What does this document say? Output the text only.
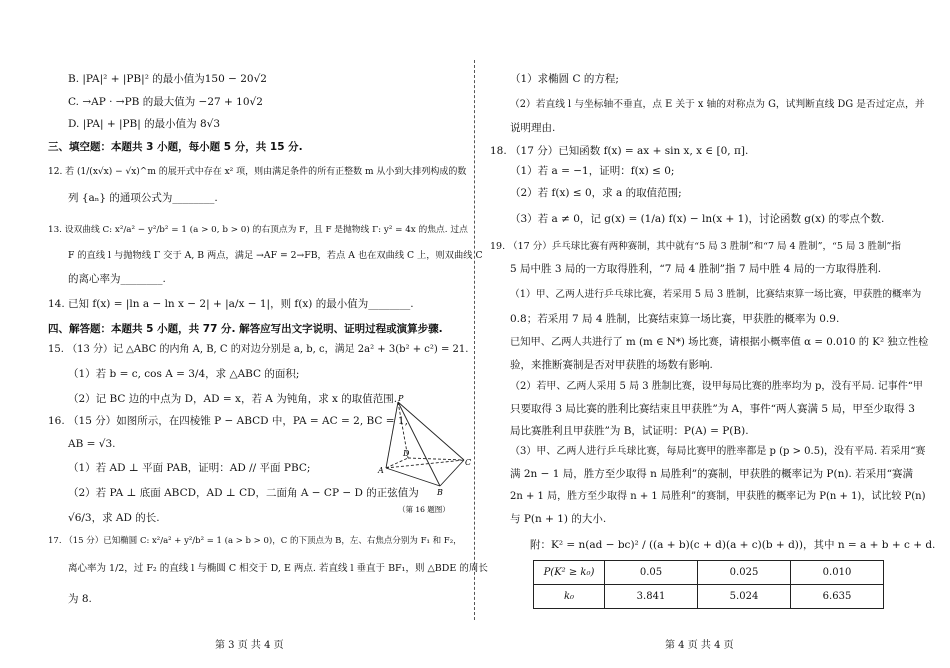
B. |PA|² + |PB|² 的最小值为150 − 20√2
C. →AP · →PB 的最大值为 −27 + 10√2
D. |PA| + |PB| 的最小值为 8√3
三、填空题：本题共 3 小题，每小题 5 分，共 15 分.
12. 若 (1/(x√x) − √x)^m 的展开式中存在 x² 项，则由满足条件的所有正整数 m 从小到大排列构成的数
列 {aₙ} 的通项公式为________.
13. 设双曲线 C: x²/a² − y²/b² = 1 (a > 0, b > 0) 的右顶点为 F，且 F 是抛物线 Γ: y² = 4x 的焦点. 过点
F 的直线 l 与抛物线 Γ 交于 A, B 两点，满足 →AF = 2→FB，若点 A 也在双曲线 C 上，则双曲线 C
的离心率为________.
14. 已知 f(x) = |ln a − ln x − 2| + |a/x − 1|，则 f(x) 的最小值为________.
四、解答题：本题共 5 小题，共 77 分. 解答应写出文字说明、证明过程或演算步骤.
15. （13 分）记 △ABC 的内角 A, B, C 的对边分别是 a, b, c，满足 2a² + 3(b² + c²) = 21.
（1）若 b = c, cos A = 3/4，求 △ABC 的面积;
（2）记 BC 边的中点为 D，AD = x，若 A 为钝角，求 x 的取值范围.
16. （15 分）如图所示，在四棱锥 P − ABCD 中，PA = AC = 2, BC = 1,
AB = √3.
（1）若 AD ⊥ 平面 PAB，证明：AD // 平面 PBC;
（2）若 PA ⊥ 底面 ABCD，AD ⊥ CD，二面角 A − CP − D 的正弦值为
√6/3，求 AD 的长.
17. （15 分）已知椭圆 C: x²/a² + y²/b² = 1 (a > b > 0)，C 的下顶点为 B，左、右焦点分别为 F₁ 和 F₂，
离心率为 1/2，过 F₂ 的直线 l 与椭圆 C 相交于 D, E 两点. 若直线 l 垂直于 BF₁，则 △BDE 的周长
为 8.
P
A
B
C
D
（第 16 题图）
第 3 页 共 4 页
（1）求椭圆 C 的方程;
（2）若直线 l 与坐标轴不垂直，点 E 关于 x 轴的对称点为 G，试判断直线 DG 是否过定点，并
说明理由.
18. （17 分）已知函数 f(x) = ax + sin x, x ∈ [0, π].
（1）若 a = −1，证明：f(x) ≤ 0;
（2）若 f(x) ≤ 0，求 a 的取值范围;
（3）若 a ≠ 0，记 g(x) = (1/a) f(x) − ln(x + 1)，讨论函数 g(x) 的零点个数.
19. （17 分）乒乓球比赛有两种赛制，其中就有“5 局 3 胜制”和“7 局 4 胜制”，“5 局 3 胜制”指
5 局中胜 3 局的一方取得胜利，“7 局 4 胜制”指 7 局中胜 4 局的一方取得胜利.
（1）甲、乙两人进行乒乓球比赛，若采用 5 局 3 胜制，比赛结束算一场比赛，甲获胜的概率为
0.8；若采用 7 局 4 胜制，比赛结束算一场比赛，甲获胜的概率为 0.9.
已知甲、乙两人共进行了 m (m ∈ N*) 场比赛，请根据小概率值 α = 0.010 的 K² 独立性检
验，来推断赛制是否对甲获胜的场数有影响.
（2）若甲、乙两人采用 5 局 3 胜制比赛，设甲每局比赛的胜率均为 p，没有平局. 记事件“甲
只要取得 3 局比赛的胜利比赛结束且甲获胜”为 A，事件“两人赛满 5 局，甲至少取得 3
局比赛胜利且甲获胜”为 B，试证明：P(A) = P(B).
（3）甲、乙两人进行乒乓球比赛，每局比赛甲的胜率都是 p (p > 0.5)，没有平局. 若采用“赛
满 2n − 1 局，胜方至少取得 n 局胜利”的赛制，甲获胜的概率记为 P(n). 若采用“赛满
2n + 1 局，胜方至少取得 n + 1 局胜利”的赛制，甲获胜的概率记为 P(n + 1)，试比较 P(n)
与 P(n + 1) 的大小.
附：K² = n(ad − bc)² / ((a + b)(c + d)(a + c)(b + d))，其中 n = a + b + c + d.
P(K² ≥ k₀)	0.05	0.025	0.010
k₀	3.841	5.024	6.635
第 4 页 共 4 页
